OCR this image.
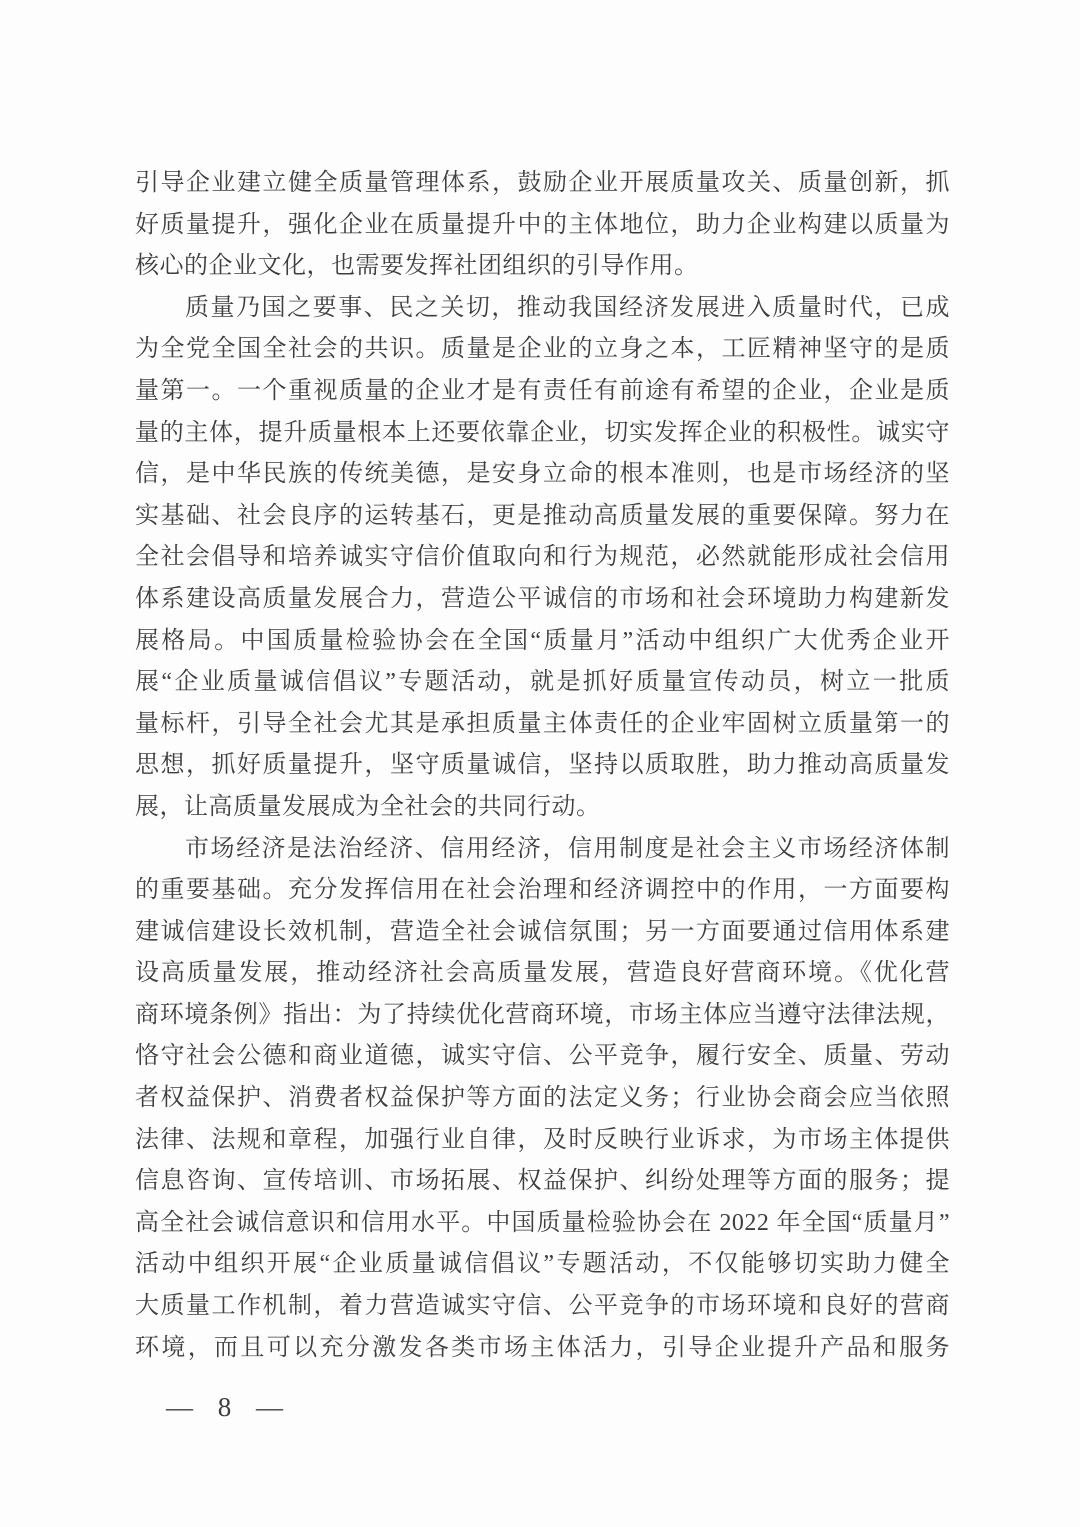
引导企业建立健全质量管理体系，鼓励企业开展质量攻关、质量创新，抓
好质量提升，强化企业在质量提升中的主体地位，助力企业构建以质量为
核心的企业文化，也需要发挥社团组织的引导作用。
质量乃国之要事、民之关切，推动我国经济发展进入质量时代，已成
为全党全国全社会的共识。质量是企业的立身之本，工匠精神坚守的是质
量第一。一个重视质量的企业才是有责任有前途有希望的企业，企业是质
量的主体，提升质量根本上还要依靠企业，切实发挥企业的积极性。诚实守
信，是中华民族的传统美德，是安身立命的根本准则，也是市场经济的坚
实基础、社会良序的运转基石，更是推动高质量发展的重要保障。努力在
全社会倡导和培养诚实守信价值取向和行为规范，必然就能形成社会信用
体系建设高质量发展合力，营造公平诚信的市场和社会环境助力构建新发
展格局。中国质量检验协会在全国“质量月”活动中组织广大优秀企业开
展“企业质量诚信倡议”专题活动，就是抓好质量宣传动员，树立一批质
量标杆，引导全社会尤其是承担质量主体责任的企业牢固树立质量第一的
思想，抓好质量提升，坚守质量诚信，坚持以质取胜，助力推动高质量发
展，让高质量发展成为全社会的共同行动。
市场经济是法治经济、信用经济，信用制度是社会主义市场经济体制
的重要基础。充分发挥信用在社会治理和经济调控中的作用，一方面要构
建诚信建设长效机制，营造全社会诚信氛围；另一方面要通过信用体系建
设高质量发展，推动经济社会高质量发展，营造良好营商环境。《优化营
商环境条例》指出：为了持续优化营商环境，市场主体应当遵守法律法规，
恪守社会公德和商业道德，诚实守信、公平竞争，履行安全、质量、劳动
者权益保护、消费者权益保护等方面的法定义务；行业协会商会应当依照
法律、法规和章程，加强行业自律，及时反映行业诉求，为市场主体提供
信息咨询、宣传培训、市场拓展、权益保护、纠纷处理等方面的服务；提
高全社会诚信意识和信用水平。中国质量检验协会在 2022 年全国“质量月”
活动中组织开展“企业质量诚信倡议”专题活动，不仅能够切实助力健全
大质量工作机制，着力营造诚实守信、公平竞争的市场环境和良好的营商
环境，而且可以充分激发各类市场主体活力，引导企业提升产品和服务
— 8 —
